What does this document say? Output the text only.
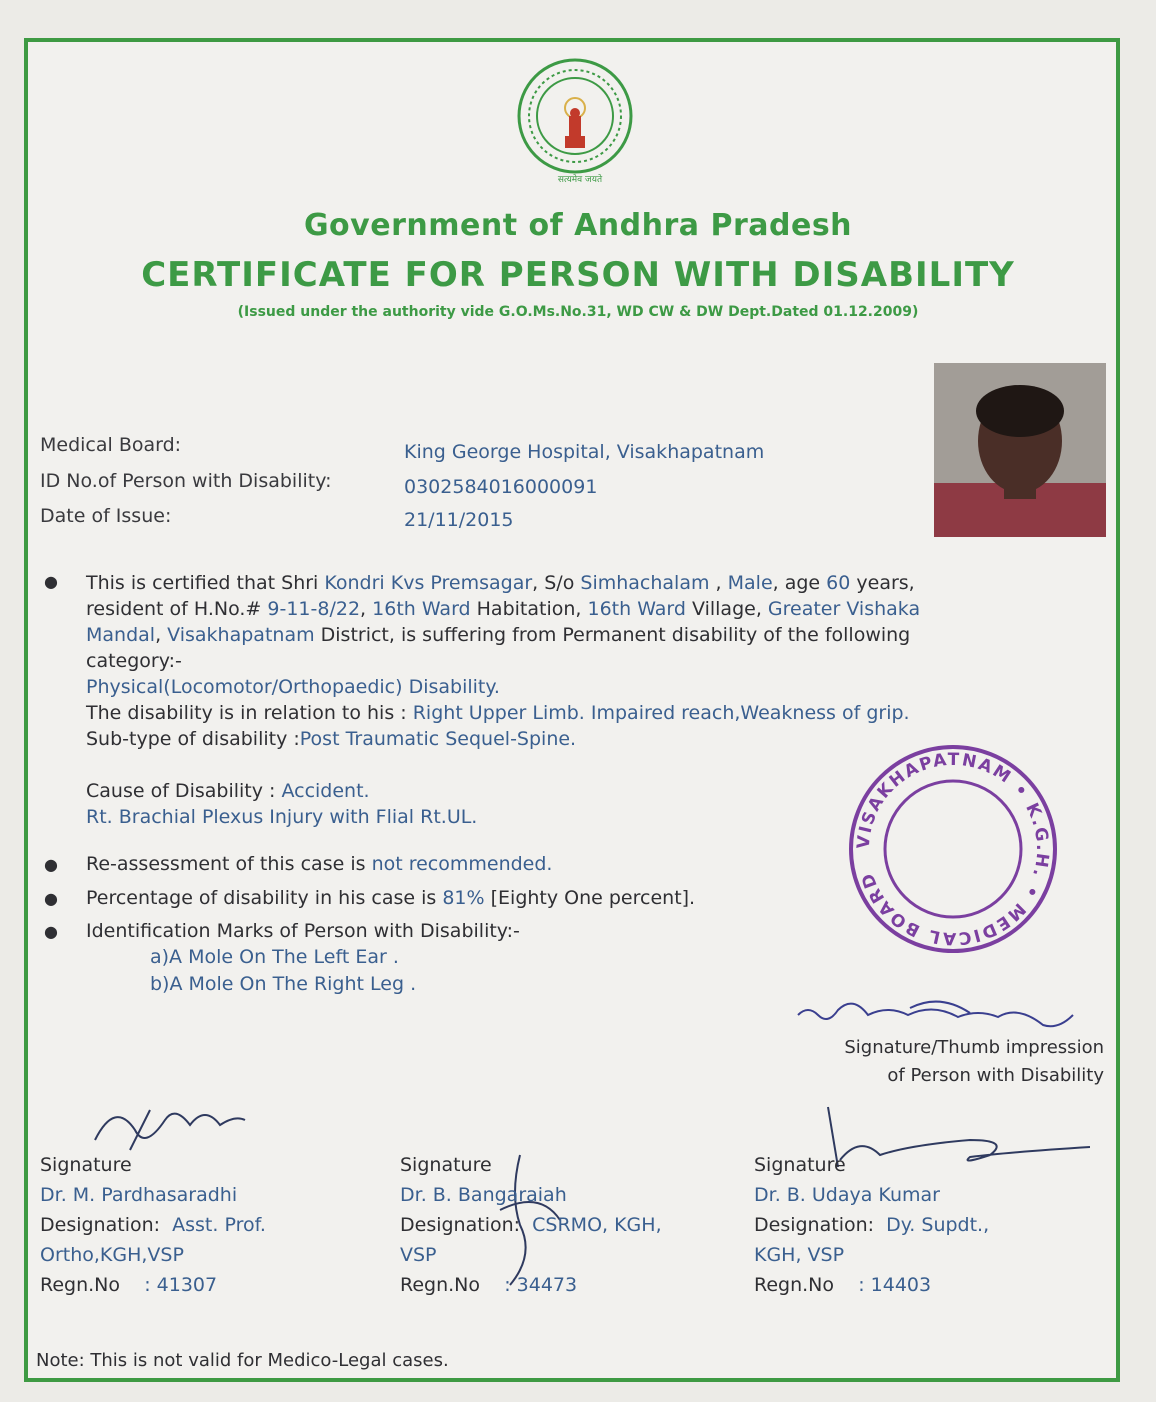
सत्यमेव जयते
Government of Andhra Pradesh
CERTIFICATE FOR PERSON WITH DISABILITY
(Issued under the authority vide G.O.Ms.No.31, WD CW & DW Dept.Dated 01.12.2009)
Medical Board:	King George Hospital, Visakhapatnam
ID No.of Person with Disability:	0302584016000091
Date of Issue:	21/11/2015
● This is certified that Shri Kondri Kvs Premsagar, S/o Simhachalam , Male, age 60 years,
resident of H.No.# 9-11-8/22, 16th Ward Habitation, 16th Ward Village, Greater Vishaka
Mandal, Visakhapatnam District, is suffering from Permanent disability of the following
category:-
Physical(Locomotor/Orthopaedic) Disability.
The disability is in relation to his : Right Upper Limb. Impaired reach,Weakness of grip.
Sub-type of disability :Post Traumatic Sequel-Spine.
Cause of Disability : Accident.
Rt. Brachial Plexus Injury with Flial Rt.UL.
● Re-assessment of this case is not recommended.
● Percentage of disability in his case is 81% [Eighty One percent].
● Identification Marks of Person with Disability:-
a)A Mole On The Left Ear .
b)A Mole On The Right Leg .
VISAKHAPATNAM • K.G.H. • MEDICAL BOARD
Signature/Thumb impression
of Person with Disability
Signature
Dr. M. Pardhasaradhi
Designation: Asst. Prof.
Ortho,KGH,VSP
Regn.No : 41307
Signature
Dr. B. Bangaraiah
Designation: CSRMO, KGH,
VSP
Regn.No : 34473
Signature
Dr. B. Udaya Kumar
Designation: Dy. Supdt.,
KGH, VSP
Regn.No : 14403
Note: This is not valid for Medico-Legal cases.
